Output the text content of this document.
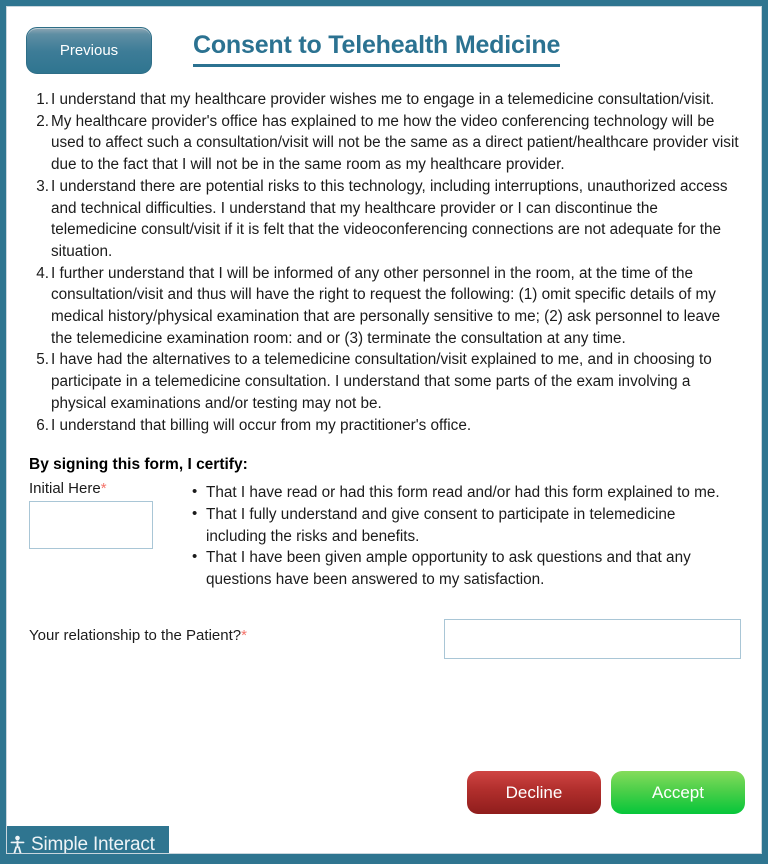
Previous	Consent to Telehealth Medicine
I understand that my healthcare provider wishes me to engage in a telemedicine consultation/visit.
My healthcare provider's office has explained to me how the video conferencing technology will be used to affect such a consultation/visit will not be the same as a direct patient/healthcare provider visit due to the fact that I will not be in the same room as my healthcare provider.
I understand there are potential risks to this technology, including interruptions, unauthorized access and technical difficulties. I understand that my healthcare provider or I can discontinue the telemedicine consult/visit if it is felt that the videoconferencing connections are not adequate for the situation.
I further understand that I will be informed of any other personnel in the room, at the time of the consultation/visit and thus will have the right to request the following: (1) omit specific details of my medical history/physical examination that are personally sensitive to me; (2) ask personnel to leave the telemedicine examination room: and or (3) terminate the consultation at any time.
I have had the alternatives to a telemedicine consultation/visit explained to me, and in choosing to participate in a telemedicine consultation. I understand that some parts of the exam involving a physical examinations and/or testing may not be.
I understand that billing will occur from my practitioner's office.
By signing this form, I certify:
Initial Here*	• That I have read or had this form read and/or had this form explained to me.
• That I fully understand and give consent to participate in telemedicine including the risks and benefits.
• That I have been given ample opportunity to ask questions and that any questions have been answered to my satisfaction.
Your relationship to the Patient?*
Decline	Accept
Simple Interact
